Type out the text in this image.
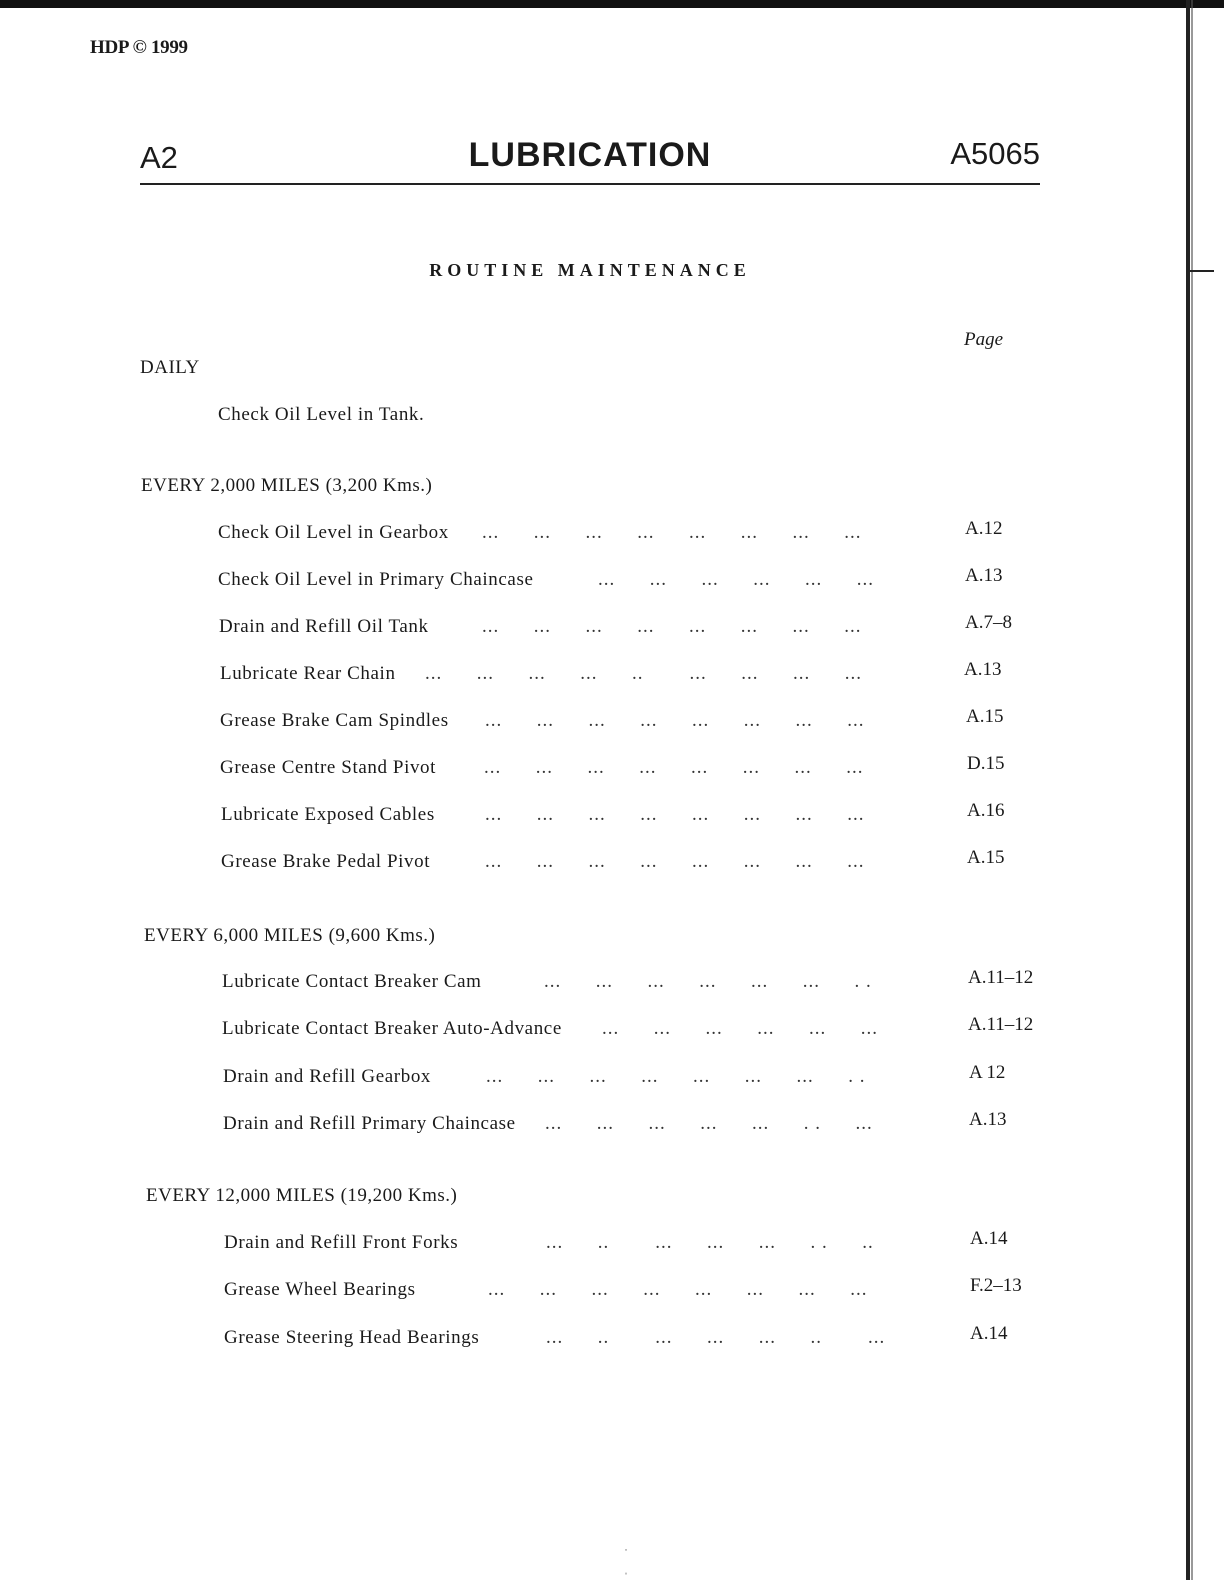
HDP © 1999
A2	LUBRICATION	A5065
ROUTINE MAINTENANCE
Page
DAILY
Check Oil Level in Tank.
EVERY 2,000 MILES (3,200 Kms.)
Check Oil Level in Gearbox ...      ...      ...      ...      ...      ...      ...      ...	A.12
Check Oil Level in Primary Chaincase	...      ...      ...      ...      ...      ...	A.13
Drain and Refill Oil Tank	...      ...      ...      ...      ...      ...      ...      ...	A.7–8
Lubricate Rear Chain ...      ...      ...      ...      ..        ...      ...      ...      ...	A.13
Grease Brake Cam Spindles ...      ...      ...      ...      ...      ...      ...      ...	A.15
Grease Centre Stand Pivot	...      ...      ...      ...      ...      ...      ...      ...	D.15
Lubricate Exposed Cables	...      ...      ...      ...      ...      ...      ...      ...	A.16
Grease Brake Pedal Pivot	...      ...      ...      ...      ...      ...      ...      ...	A.15
EVERY 6,000 MILES (9,600 Kms.)
Lubricate Contact Breaker Cam	...      ...      ...      ...      ...      ...      . .	A.11–12
Lubricate Contact Breaker Auto-Advance ...      ...      ...      ...      ...      ...	A.11–12
Drain and Refill Gearbox	...      ...      ...      ...      ...      ...      ...      . .	A 12
Drain and Refill Primary Chaincase ...      ...      ...      ...      ...      . .      ...	A.13
EVERY 12,000 MILES (19,200 Kms.)
Drain and Refill Front Forks	...      ..        ...      ...      ...      . .      ..	A.14
Grease Wheel Bearings	...      ...      ...      ...      ...      ...      ...      ...	F.2–13
Grease Steering Head Bearings	...      ..        ...      ...      ...      ..        ...	A.14
˙
ˌ
